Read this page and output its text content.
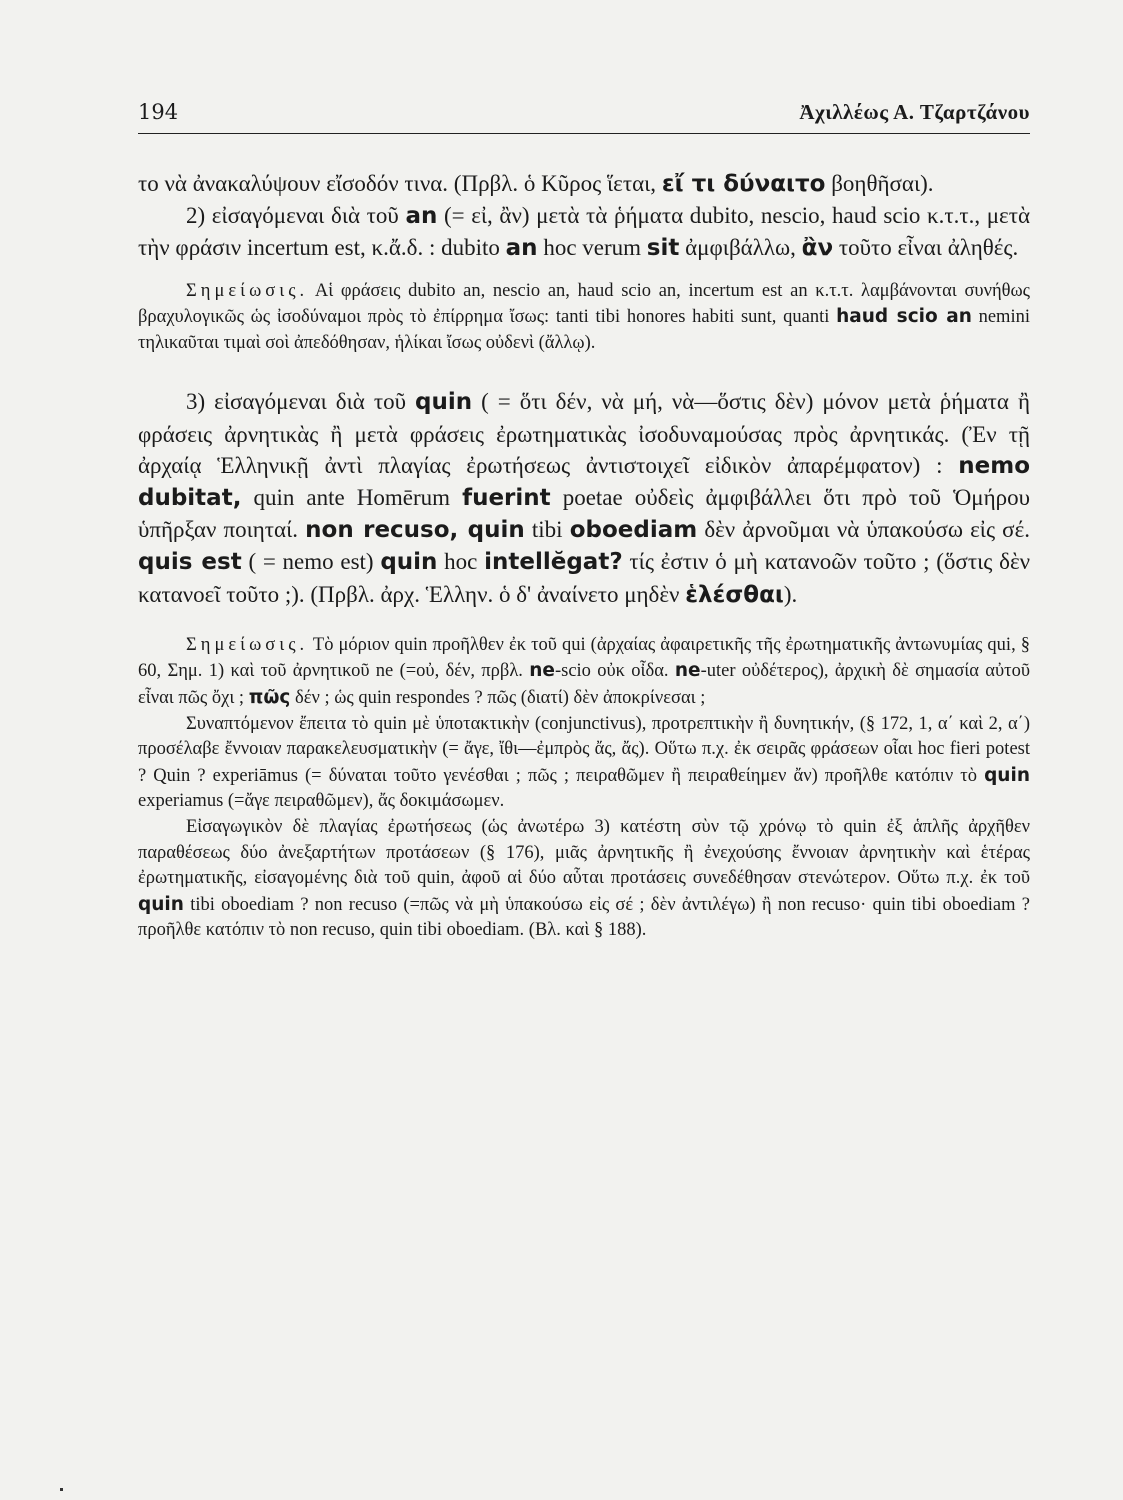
194	Ἀχιλλέως Α. Τζαρτζάνου

το νὰ ἀνακαλύψουν εἴσοδόν τινα. (Πρβλ. ὁ Κῦρος ἵεται, εἴ τι δύναιτο βοηθῆσαι).

2) εἰσαγόμεναι διὰ τοῦ an (= εἰ, ἂν) μετὰ τὰ ῥήματα dubito, nescio, haud scio κ.τ.τ., μετὰ τὴν φράσιν incertum est, κ.ἄ.δ. : dubito an hoc verum sit ἀμφιβάλλω, ἂν τοῦτο εἶναι ἀληθές.

Σημείωσις. Αἱ φράσεις dubito an, nescio an, haud scio an, incertum est an κ.τ.τ. λαμβάνονται συνήθως βραχυλογικῶς ὡς ἰσοδύναμοι πρὸς τὸ ἐπίρρημα ἴσως: tanti tibi honores habiti sunt, quanti haud scio an nemini τηλικαῦται τιμαὶ σοὶ ἀπεδόθησαν, ἡλίκαι ἴσως οὐδενὶ (ἄλλῳ).

3) εἰσαγόμεναι διὰ τοῦ quin ( = ὅτι δέν, νὰ μή, νὰ—ὅστις δὲν) μόνον μετὰ ῥήματα ἢ φράσεις ἀρνητικὰς ἢ μετὰ φράσεις ἐρωτηματικὰς ἰσοδυναμούσας πρὸς ἀρνητικάς. (Ἐν τῇ ἀρχαίᾳ Ἑλληνικῇ ἀντὶ πλαγίας ἐρωτήσεως ἀντιστοιχεῖ εἰδικὸν ἀπαρέμφατον) : nemo dubitat, quin ante Homērum fuerint poetae οὐδεὶς ἀμφιβάλλει ὅτι πρὸ τοῦ Ὁμήρου ὑπῆρξαν ποιηταί. non recuso, quin tibi oboediam δὲν ἀρνοῦμαι νὰ ὑπακούσω εἰς σέ. quis est ( = nemo est) quin hoc intellĕgat? τίς ἐστιν ὁ μὴ κατανοῶν τοῦτο ; (ὅστις δὲν κατανοεῖ τοῦτο ;). (Πρβλ. ἀρχ. Ἑλλην. ὁ δ' ἀναίνετο μηδὲν ἑλέσθαι).

Σημείωσις. Τὸ μόριον quin προῆλθεν ἐκ τοῦ qui (ἀρχαίας ἀφαιρετικῆς τῆς ἐρωτηματικῆς ἀντωνυμίας qui, § 60, Σημ. 1) καὶ τοῦ ἀρνητικοῦ ne (=οὐ, δέν, πρβλ. ne-scio οὐκ οἶδα. ne-uter οὐδέτερος), ἀρχικὴ δὲ σημασία αὐτοῦ εἶναι πῶς ὄχι ; πῶς δέν ; ὡς quin respondes ? πῶς (διατί) δὲν ἀποκρίνεσαι ;

Συναπτόμενον ἔπειτα τὸ quin μὲ ὑποτακτικὴν (conjunctivus), προτρεπτικὴν ἢ δυνητικήν, (§ 172, 1, α΄ καὶ 2, α΄) προσέλαβε ἔννοιαν παρακελευσματικὴν (= ἄγε, ἴθι—ἐμπρὸς ἄς, ἄς). Οὕτω π.χ. ἐκ σειρᾶς φράσεων οἷαι hoc fieri potest ? Quin ? experiāmus (= δύναται τοῦτο γενέσθαι ; πῶς ; πειραθῶμεν ἢ πειραθείημεν ἄν) προῆλθε κατόπιν τὸ quin experiamus (=ἄγε πειραθῶμεν), ἄς δοκιμάσωμεν.

Εἰσαγωγικὸν δὲ πλαγίας ἐρωτήσεως (ὡς ἀνωτέρω 3) κατέστη σὺν τῷ χρόνῳ τὸ quin ἐξ ἁπλῆς ἀρχῆθεν παραθέσεως δύο ἀνεξαρτήτων προτάσεων (§ 176), μιᾶς ἀρνητικῆς ἢ ἐνεχούσης ἔννοιαν ἀρνητικὴν καὶ ἑτέρας ἐρωτηματικῆς, εἰσαγομένης διὰ τοῦ quin, ἀφοῦ αἱ δύο αὗται προτάσεις συνεδέθησαν στενώτερον. Οὕτω π.χ. ἐκ τοῦ quin tibi oboediam ? non recuso (=πῶς νὰ μὴ ὑπακούσω εἰς σέ ; δὲν ἀντιλέγω) ἢ non recuso· quin tibi oboediam ? προῆλθε κατόπιν τὸ non recuso, quin tibi oboediam. (Βλ. καὶ § 188).
